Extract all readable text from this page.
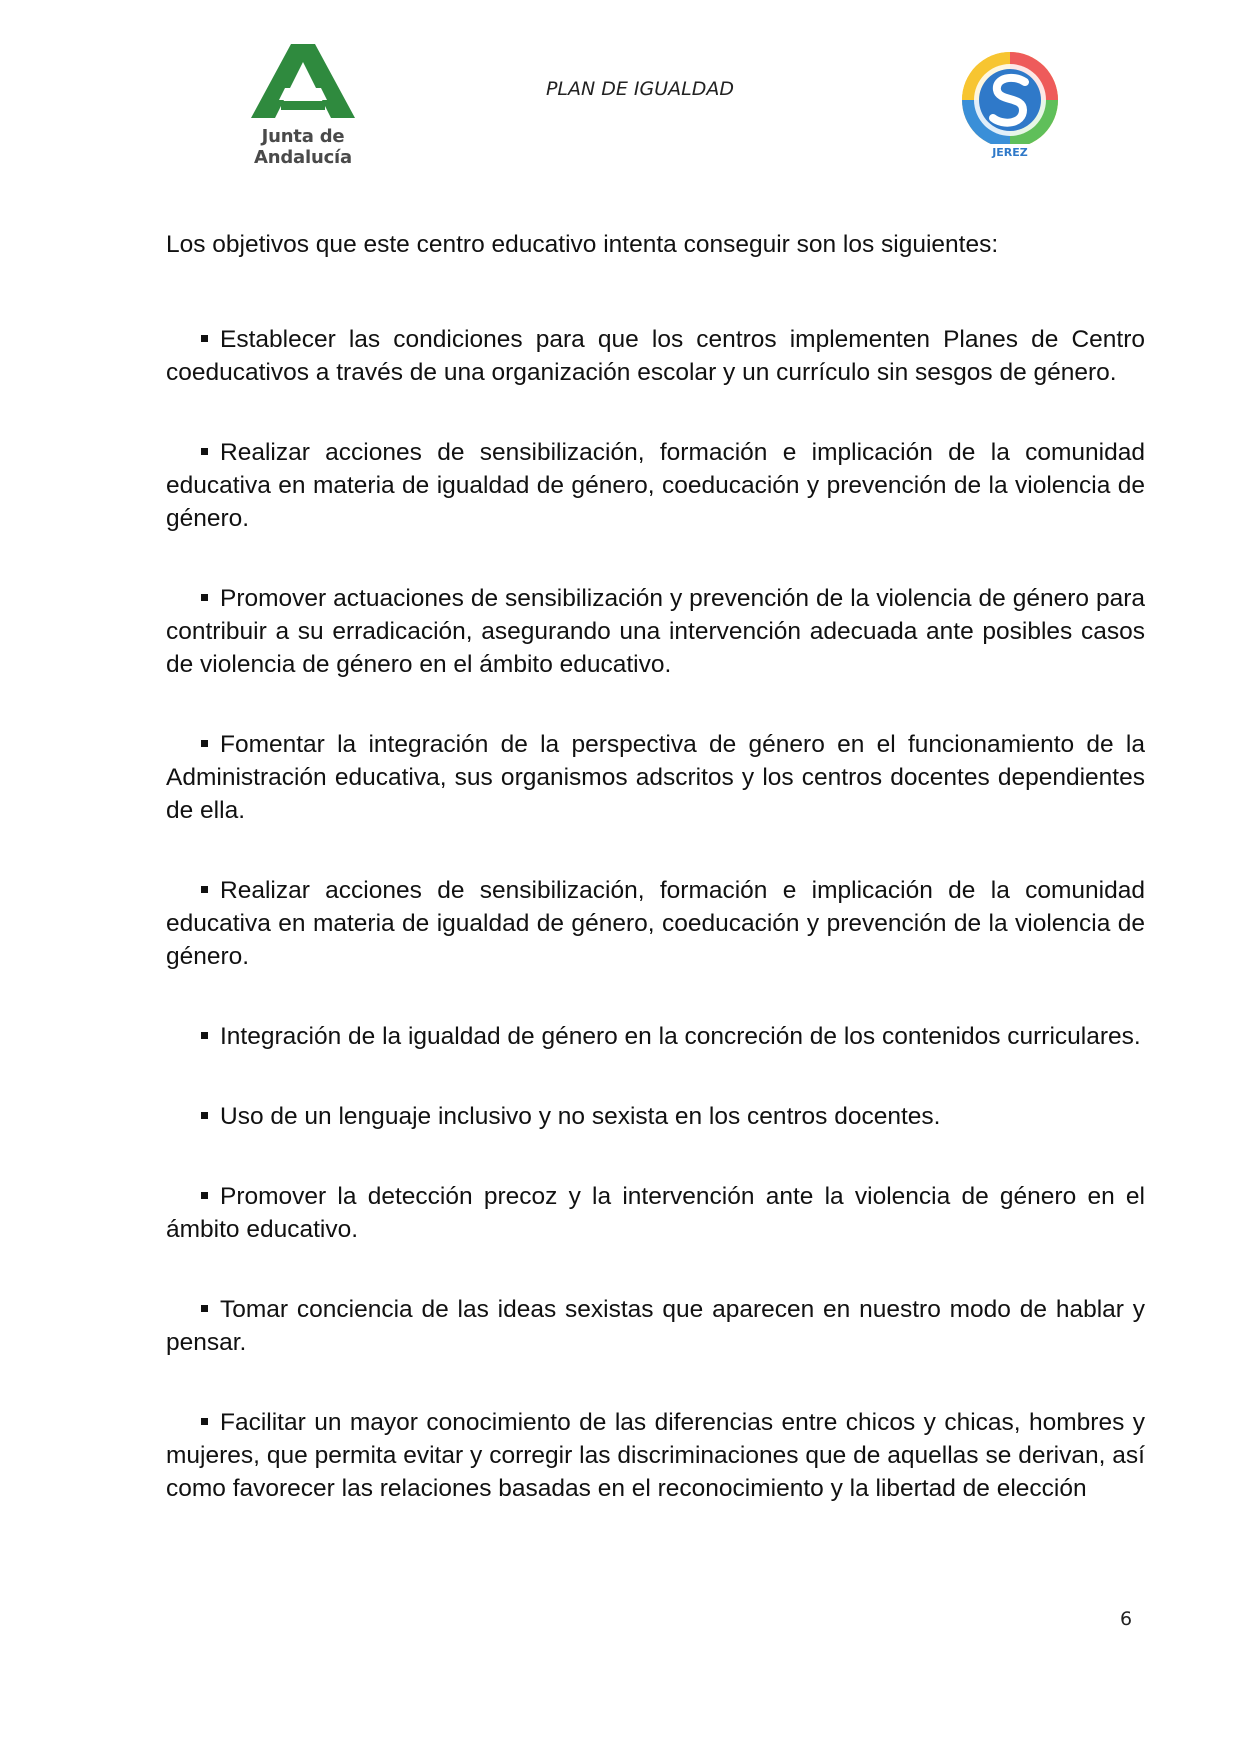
Junta de Andalucía
PLAN DE IGUALDAD
JEREZ

Los objetivos que este centro educativo intenta conseguir son los siguientes:

Establecer las condiciones para que los centros implementen Planes de Centro coeducativos a través de una organización escolar y un currículo sin sesgos de género.

Realizar acciones de sensibilización, formación e implicación de la comunidad educativa en materia de igualdad de género, coeducación y prevención de la violencia de género.

Promover actuaciones de sensibilización y prevención de la violencia de género para contribuir a su erradicación, asegurando una intervención adecuada ante posibles casos de violencia de género en el ámbito educativo.

Fomentar la integración de la perspectiva de género en el funcionamiento de la Administración educativa, sus organismos adscritos y los centros docentes dependientes de ella.

Realizar acciones de sensibilización, formación e implicación de la comunidad educativa en materia de igualdad de género, coeducación y prevención de la violencia de género.

Integración de la igualdad de género en la concreción de los contenidos curriculares.

Uso de un lenguaje inclusivo y no sexista en los centros docentes.

Promover la detección precoz y la intervención ante la violencia de género en el ámbito educativo.

Tomar conciencia de las ideas sexistas que aparecen en nuestro modo de hablar y pensar.

Facilitar un mayor conocimiento de las diferencias entre chicos y chicas, hombres y mujeres, que permita evitar y corregir las discriminaciones que de aquellas se derivan, así como favorecer las relaciones basadas en el reconocimiento y la libertad de elección

6
